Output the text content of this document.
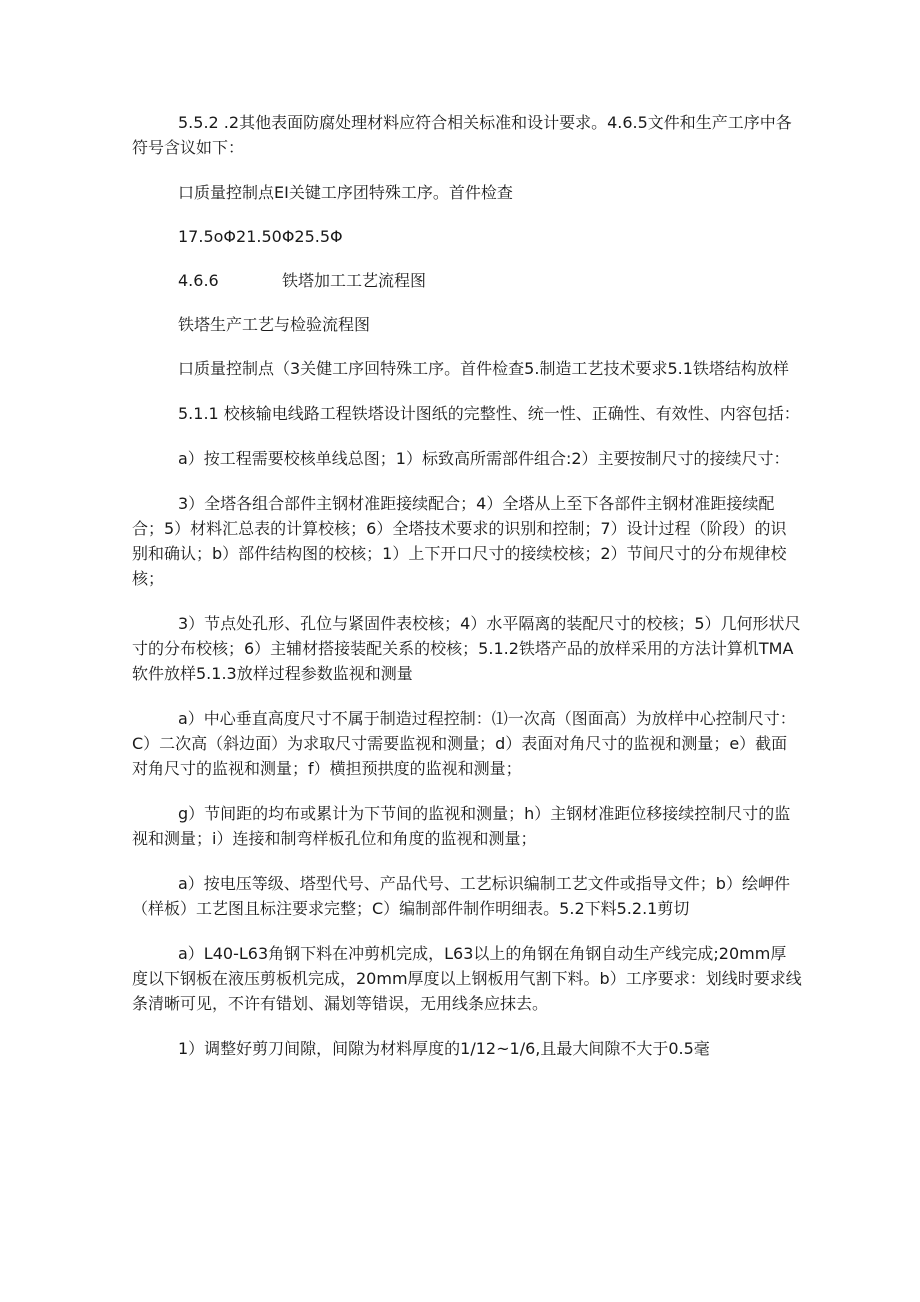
5.5.2 .2其他表面防腐处理材料应符合相关标准和设计要求。4.6.5文件和生产工序中各符号含议如下：

口质量控制点EI关键工序团特殊工序。首件检查

17.5oΦ21.50Φ25.5Φ

4.6.6	铁塔加工工艺流程图

铁塔生产工艺与检验流程图

口质量控制点（3关健工序回特殊工序。首件检查5.制造工艺技术要求5.1铁塔结构放样

5.1.1 校核输电线路工程铁塔设计图纸的完整性、统一性、正确性、有效性、内容包括：

a）按工程需要校核单线总图；1）标致高所需部件组合:2）主要按制尺寸的接续尺寸：

3）全塔各组合部件主钢材准距接续配合；4）全塔从上至下各部件主钢材准距接续配合；5）材料汇总表的计算校核；6）全塔技术要求的识别和控制；7）设计过程（阶段）的识别和确认；b）部件结构图的校核；1）上下开口尺寸的接续校核；2）节间尺寸的分布规律校核；

3）节点处孔形、孔位与紧固件表校核；4）水平隔离的装配尺寸的校核；5）几何形状尺寸的分布校核；6）主辅材搭接装配关系的校核；5.1.2铁塔产品的放样采用的方法计算机TMA软件放样5.1.3放样过程参数监视和测量

a）中心垂直高度尺寸不属于制造过程控制：⑴一次高（图面高）为放样中心控制尺寸：C）二次高（斜边面）为求取尺寸需要监视和测量；d）表面对角尺寸的监视和测量；e）截面对角尺寸的监视和测量；f）横担预拱度的监视和测量；

g）节间距的均布或累计为下节间的监视和测量；h）主钢材准距位移接续控制尺寸的监视和测量；i）连接和制弯样板孔位和角度的监视和测量；

a）按电压等级、塔型代号、产品代号、工艺标识编制工艺文件或指导文件；b）绘岬件（样板）工艺图且标注要求完整；C）编制部件制作明细表。5.2下料5.2.1剪切

a）L40-L63角钢下料在冲剪机完成，L63以上的角钢在角钢自动生产线完成;20mm厚度以下钢板在液压剪板机完成，20mm厚度以上钢板用气割下料。b）工序要求：划线时要求线条清晰可见，不许有错划、漏划等错误，无用线条应抹去。

1）调整好剪刀间隙，间隙为材料厚度的1/12~1/6,且最大间隙不大于0.5毫
